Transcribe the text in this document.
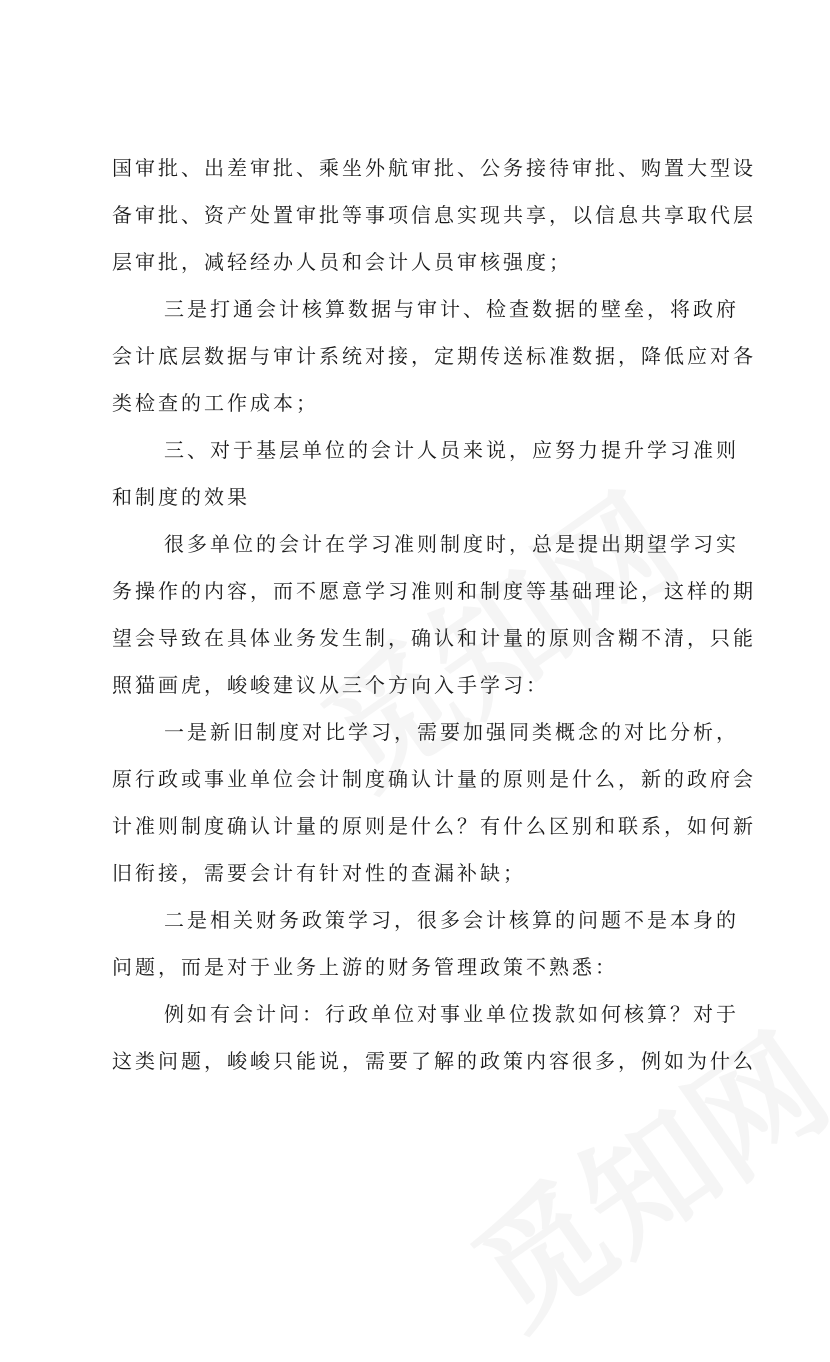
国审批、出差审批、乘坐外航审批、公务接待审批、购置大型设
备审批、资产处置审批等事项信息实现共享，以信息共享取代层
层审批，减轻经办人员和会计人员审核强度；
三是打通会计核算数据与审计、检查数据的壁垒，将政府
会计底层数据与审计系统对接，定期传送标准数据，降低应对各
类检查的工作成本；
三、对于基层单位的会计人员来说，应努力提升学习准则
和制度的效果
很多单位的会计在学习准则制度时，总是提出期望学习实
务操作的内容，而不愿意学习准则和制度等基础理论，这样的期
望会导致在具体业务发生制，确认和计量的原则含糊不清，只能
照猫画虎，峻峻建议从三个方向入手学习：
一是新旧制度对比学习，需要加强同类概念的对比分析，
原行政或事业单位会计制度确认计量的原则是什么，新的政府会
计准则制度确认计量的原则是什么？有什么区别和联系，如何新
旧衔接，需要会计有针对性的查漏补缺；
二是相关财务政策学习，很多会计核算的问题不是本身的
问题，而是对于业务上游的财务管理政策不熟悉：
例如有会计问：行政单位对事业单位拨款如何核算？对于
这类问题，峻峻只能说，需要了解的政策内容很多，例如为什么
